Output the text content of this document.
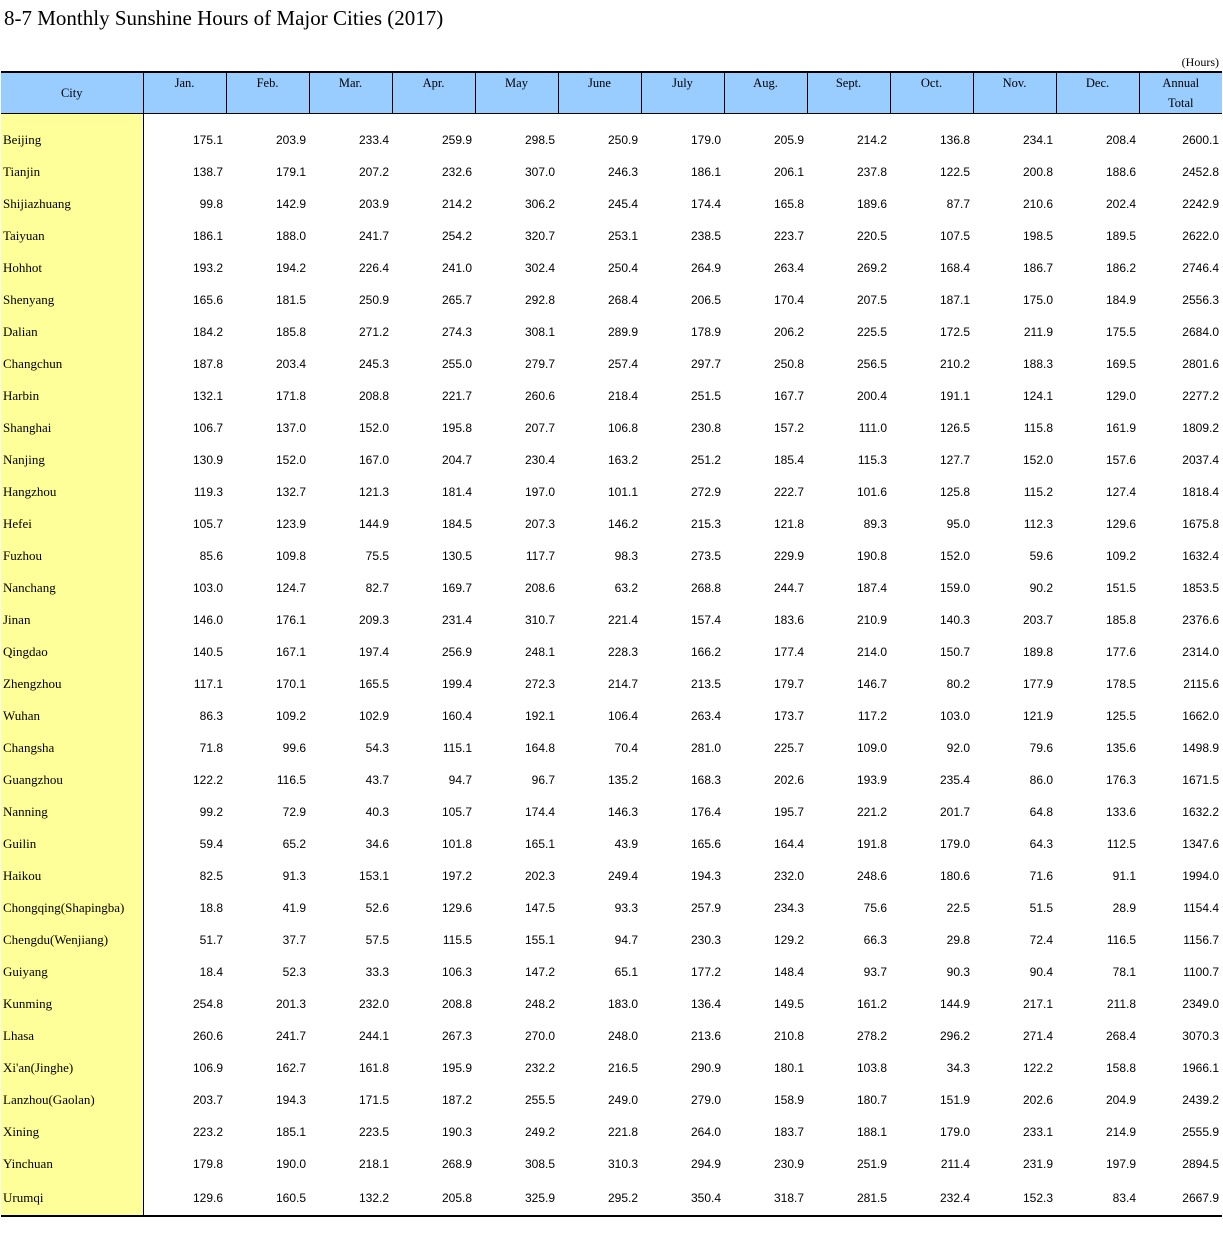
8-7 Monthly Sunshine Hours of Major Cities (2017)
(Hours)
City	Jan.	Feb.	Mar.	Apr.	May	June	July	Aug.	Sept.	Oct.	Nov.	Dec.	Annual
Total

Beijing	175.1	203.9	233.4	259.9	298.5	250.9	179.0	205.9	214.2	136.8	234.1	208.4	2600.1
Tianjin	138.7	179.1	207.2	232.6	307.0	246.3	186.1	206.1	237.8	122.5	200.8	188.6	2452.8
Shijiazhuang	99.8	142.9	203.9	214.2	306.2	245.4	174.4	165.8	189.6	87.7	210.6	202.4	2242.9
Taiyuan	186.1	188.0	241.7	254.2	320.7	253.1	238.5	223.7	220.5	107.5	198.5	189.5	2622.0
Hohhot	193.2	194.2	226.4	241.0	302.4	250.4	264.9	263.4	269.2	168.4	186.7	186.2	2746.4
Shenyang	165.6	181.5	250.9	265.7	292.8	268.4	206.5	170.4	207.5	187.1	175.0	184.9	2556.3
Dalian	184.2	185.8	271.2	274.3	308.1	289.9	178.9	206.2	225.5	172.5	211.9	175.5	2684.0
Changchun	187.8	203.4	245.3	255.0	279.7	257.4	297.7	250.8	256.5	210.2	188.3	169.5	2801.6
Harbin	132.1	171.8	208.8	221.7	260.6	218.4	251.5	167.7	200.4	191.1	124.1	129.0	2277.2
Shanghai	106.7	137.0	152.0	195.8	207.7	106.8	230.8	157.2	111.0	126.5	115.8	161.9	1809.2
Nanjing	130.9	152.0	167.0	204.7	230.4	163.2	251.2	185.4	115.3	127.7	152.0	157.6	2037.4
Hangzhou	119.3	132.7	121.3	181.4	197.0	101.1	272.9	222.7	101.6	125.8	115.2	127.4	1818.4
Hefei	105.7	123.9	144.9	184.5	207.3	146.2	215.3	121.8	89.3	95.0	112.3	129.6	1675.8
Fuzhou	85.6	109.8	75.5	130.5	117.7	98.3	273.5	229.9	190.8	152.0	59.6	109.2	1632.4
Nanchang	103.0	124.7	82.7	169.7	208.6	63.2	268.8	244.7	187.4	159.0	90.2	151.5	1853.5
Jinan	146.0	176.1	209.3	231.4	310.7	221.4	157.4	183.6	210.9	140.3	203.7	185.8	2376.6
Qingdao	140.5	167.1	197.4	256.9	248.1	228.3	166.2	177.4	214.0	150.7	189.8	177.6	2314.0
Zhengzhou	117.1	170.1	165.5	199.4	272.3	214.7	213.5	179.7	146.7	80.2	177.9	178.5	2115.6
Wuhan	86.3	109.2	102.9	160.4	192.1	106.4	263.4	173.7	117.2	103.0	121.9	125.5	1662.0
Changsha	71.8	99.6	54.3	115.1	164.8	70.4	281.0	225.7	109.0	92.0	79.6	135.6	1498.9
Guangzhou	122.2	116.5	43.7	94.7	96.7	135.2	168.3	202.6	193.9	235.4	86.0	176.3	1671.5
Nanning	99.2	72.9	40.3	105.7	174.4	146.3	176.4	195.7	221.2	201.7	64.8	133.6	1632.2
Guilin	59.4	65.2	34.6	101.8	165.1	43.9	165.6	164.4	191.8	179.0	64.3	112.5	1347.6
Haikou	82.5	91.3	153.1	197.2	202.3	249.4	194.3	232.0	248.6	180.6	71.6	91.1	1994.0
Chongqing(Shapingba)	18.8	41.9	52.6	129.6	147.5	93.3	257.9	234.3	75.6	22.5	51.5	28.9	1154.4
Chengdu(Wenjiang)	51.7	37.7	57.5	115.5	155.1	94.7	230.3	129.2	66.3	29.8	72.4	116.5	1156.7
Guiyang	18.4	52.3	33.3	106.3	147.2	65.1	177.2	148.4	93.7	90.3	90.4	78.1	1100.7
Kunming	254.8	201.3	232.0	208.8	248.2	183.0	136.4	149.5	161.2	144.9	217.1	211.8	2349.0
Lhasa	260.6	241.7	244.1	267.3	270.0	248.0	213.6	210.8	278.2	296.2	271.4	268.4	3070.3
Xi'an(Jinghe)	106.9	162.7	161.8	195.9	232.2	216.5	290.9	180.1	103.8	34.3	122.2	158.8	1966.1
Lanzhou(Gaolan)	203.7	194.3	171.5	187.2	255.5	249.0	279.0	158.9	180.7	151.9	202.6	204.9	2439.2
Xining	223.2	185.1	223.5	190.3	249.2	221.8	264.0	183.7	188.1	179.0	233.1	214.9	2555.9
Yinchuan	179.8	190.0	218.1	268.9	308.5	310.3	294.9	230.9	251.9	211.4	231.9	197.9	2894.5
Urumqi	129.6	160.5	132.2	205.8	325.9	295.2	350.4	318.7	281.5	232.4	152.3	83.4	2667.9
